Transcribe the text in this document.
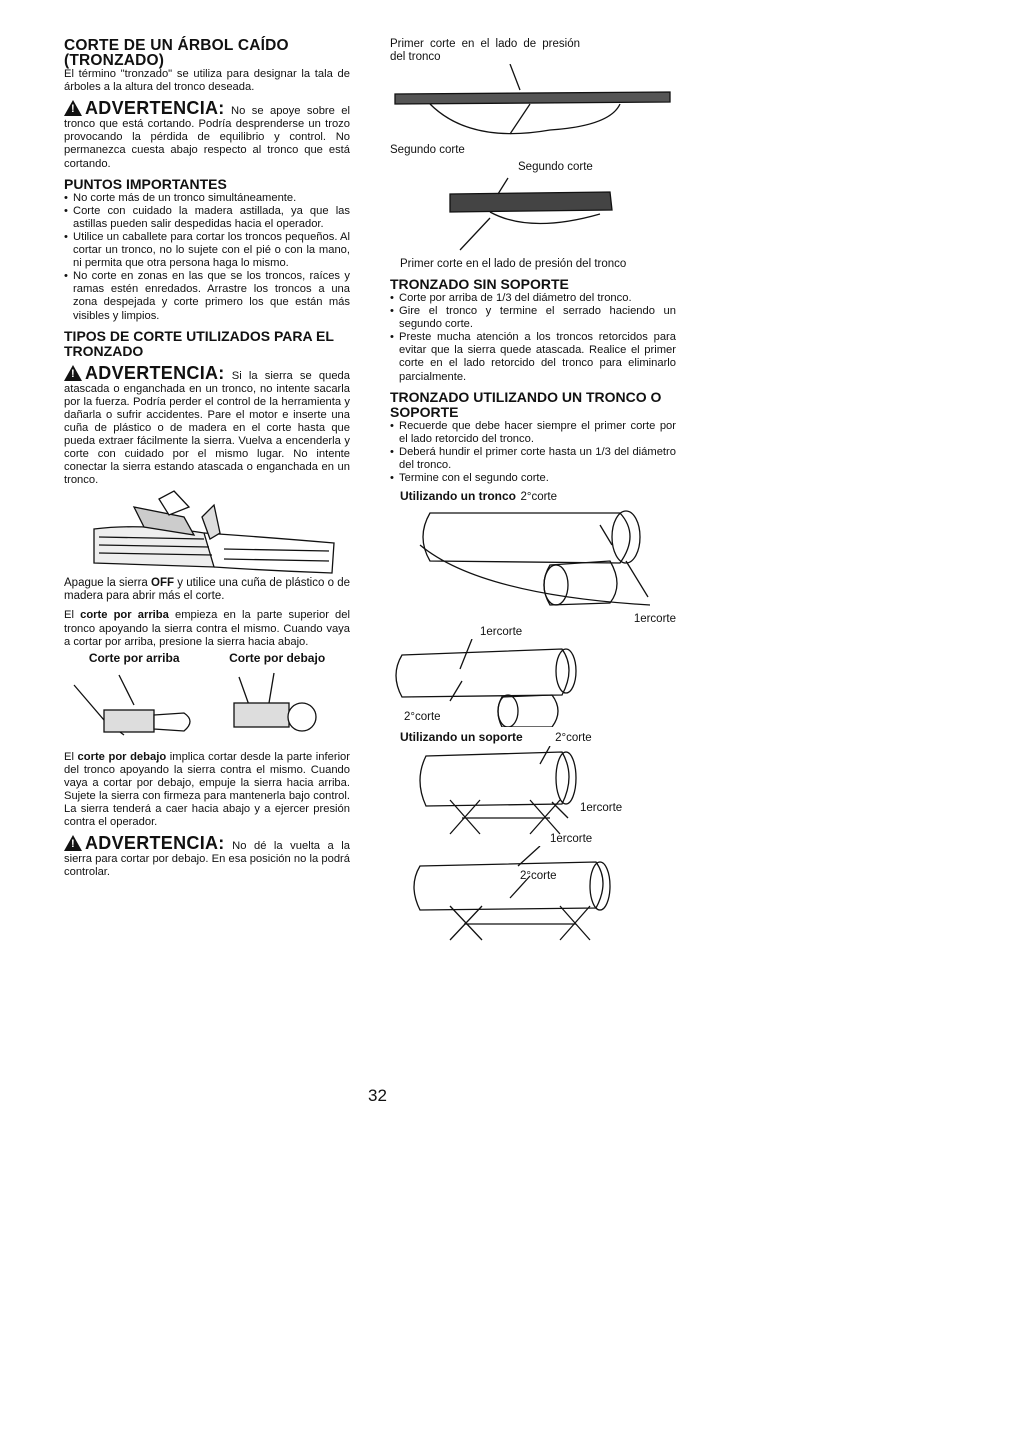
CORTE DE UN ÁRBOL CAÍDO
(TRONZADO)

El término "tronzado" se utiliza para designar la tala de árboles a la altura del tronco deseada.

!ADVERTENCIA: No se apoye sobre el tronco que está cortando. Podría desprenderse un trozo provocando la pérdida de equilibrio y control. No permanezca cuesta abajo respecto al tronco que está cortando.

PUNTOS IMPORTANTES
• No corte más de un tronco simultáneamente.
• Corte con cuidado la madera astillada, ya que las astillas pueden salir despedidas hacia el operador.
• Utilice un caballete para cortar los troncos pequeños. Al cortar un tronco, no lo sujete con el pié o con la mano, ni permita que otra persona haga lo mismo.
• No corte en zonas en las que se los troncos, raíces y ramas estén enredados. Arrastre los troncos a una zona despejada y corte primero los que están más visibles y limpios.
TIPOS DE CORTE UTILIZADOS PARA EL TRONZADO

!ADVERTENCIA: Si la sierra se queda atascada o enganchada en un tronco, no intente sacarla por la fuerza. Podría perder el control de la herramienta y dañarla o sufrir accidentes. Pare el motor e inserte una cuña de plástico o de madera en el corte hasta que pueda extraer fácilmente la sierra. Vuelva a encenderla y corte con cuidado por el mismo lugar. No intente conectar la sierra estando atascada o enganchada en un tronco.

Apague la sierra OFF y utilice una cuña de plástico o de madera para abrir más el corte.

El corte por arriba empieza en la parte superior del tronco apoyando la sierra contra el mismo. Cuando vaya a cortar por arriba, presione la sierra hacia abajo.

Corte por arriba	Corte por debajo

El corte por debajo implica cortar desde la parte inferior del tronco apoyando la sierra contra el mismo. Cuando vaya a cortar por debajo, empuje la sierra hacia arriba. Sujete la sierra con firmeza para mantenerla bajo control. La sierra tenderá a caer hacia abajo y a ejercer presión contra el operador.

!ADVERTENCIA: No dé la vuelta a la sierra para cortar por debajo. En esa posición no la podrá controlar.

Primer corte en el lado de presión del tronco

Segundo corte

Segundo corte

Primer corte en el lado de presión del tronco

TRONZADO SIN SOPORTE
• Corte por arriba de 1/3 del diámetro del tronco.
• Gire el tronco y termine el serrado haciendo un segundo corte.
• Preste mucha atención a los troncos retorcidos para evitar que la sierra quede atascada. Realice el primer corte en el lado retorcido del tronco para eliminarlo parcialmente.
TRONZADO UTILIZANDO UN TRONCO O SOPORTE
• Recuerde que debe hacer siempre el primer corte por el lado retorcido del tronco.
• Deberá hundir el primer corte hasta un 1/3 del diámetro del tronco.
• Termine con el segundo corte.
Utilizando un tronco 2°corte

1ercorte

1ercorte

2°corte

Utilizando un soporte	2°corte

1ercorte

1ercorte

2°corte

32
